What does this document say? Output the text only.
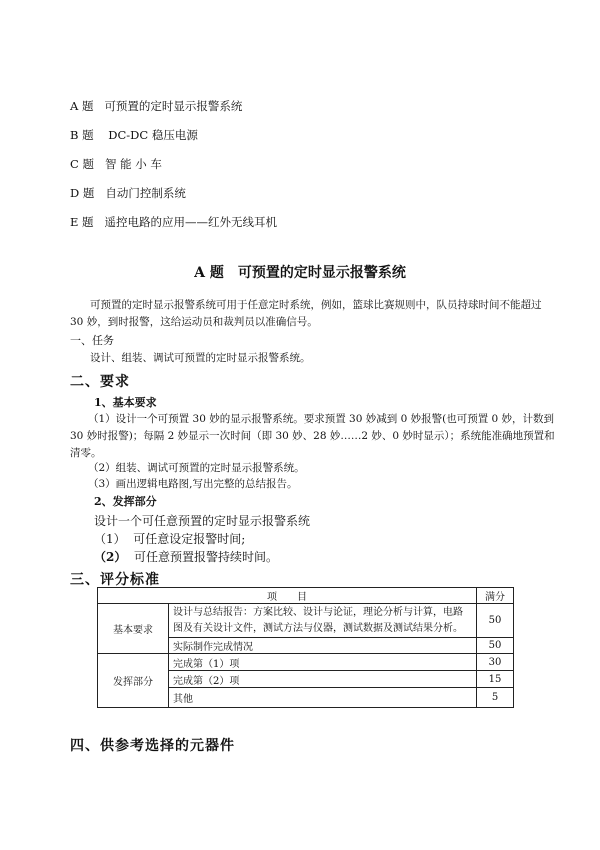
A 题 可预置的定时显示报警系统
B 题 DC-DC 稳压电源
C 题 智 能 小 车
D 题 自动门控制系统
E 题 遥控电路的应用——红外无线耳机
A 题　可预置的定时显示报警系统
可预置的定时显示报警系统可用于任意定时系统，例如，篮球比赛规则中，队员持球时间不能超过
30 妙，到时报警，这给运动员和裁判员以准确信号。
一、任务
设计、组装、调试可预置的定时显示报警系统。
二、要求
1、基本要求
（1）设计一个可预置 30 妙的显示报警系统。要求预置 30 妙减到 0 妙报警(也可预置 0 妙，计数到
30 妙时报警)；每隔 2 妙显示一次时间（即 30 妙、28 妙……2 妙、0 妙时显示）；系统能准确地预置和
清零。
（2）组装、调试可预置的定时显示报警系统。
（3）画出逻辑电路图,写出完整的总结报告。
2、发挥部分
设计一个可任意预置的定时显示报警系统
（1） 可任意设定报警时间;
（2） 可任意预置报警持续时间。
三、评分标准
项　　目		满分
基本要求	设计与总结报告：方案比较、设计与论证，理论分析与计算，电路
图及有关设计文件，测试方法与仪器，测试数据及测试结果分析。	50
	实际制作完成情况	50
发挥部分	完成第（1）项	30
	完成第（2）项	15
	其他	5
四、供参考选择的元器件
